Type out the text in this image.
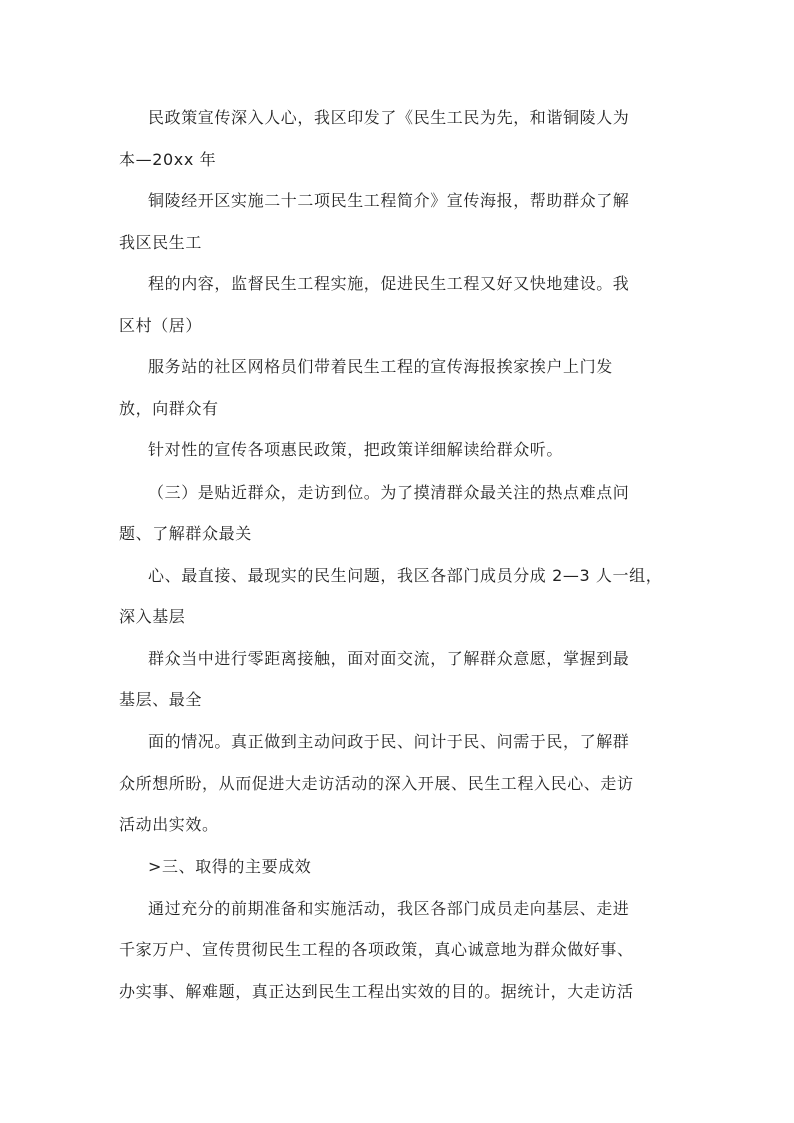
民政策宣传深入人心，我区印发了《民生工民为先，和谐铜陵人为
本—20xx 年
铜陵经开区实施二十二项民生工程简介》宣传海报，帮助群众了解
我区民生工
程的内容，监督民生工程实施，促进民生工程又好又快地建设。我
区村（居）
服务站的社区网格员们带着民生工程的宣传海报挨家挨户上门发
放，向群众有
针对性的宣传各项惠民政策，把政策详细解读给群众听。
（三）是贴近群众，走访到位。为了摸清群众最关注的热点难点问
题、了解群众最关
心、最直接、最现实的民生问题，我区各部门成员分成 2—3 人一组，
深入基层
群众当中进行零距离接触，面对面交流，了解群众意愿，掌握到最
基层、最全
面的情况。真正做到主动问政于民、问计于民、问需于民，了解群
众所想所盼，从而促进大走访活动的深入开展、民生工程入民心、走访
活动出实效。
>三、取得的主要成效
通过充分的前期准备和实施活动，我区各部门成员走向基层、走进
千家万户、宣传贯彻民生工程的各项政策，真心诚意地为群众做好事、
办实事、解难题，真正达到民生工程出实效的目的。据统计，大走访活
